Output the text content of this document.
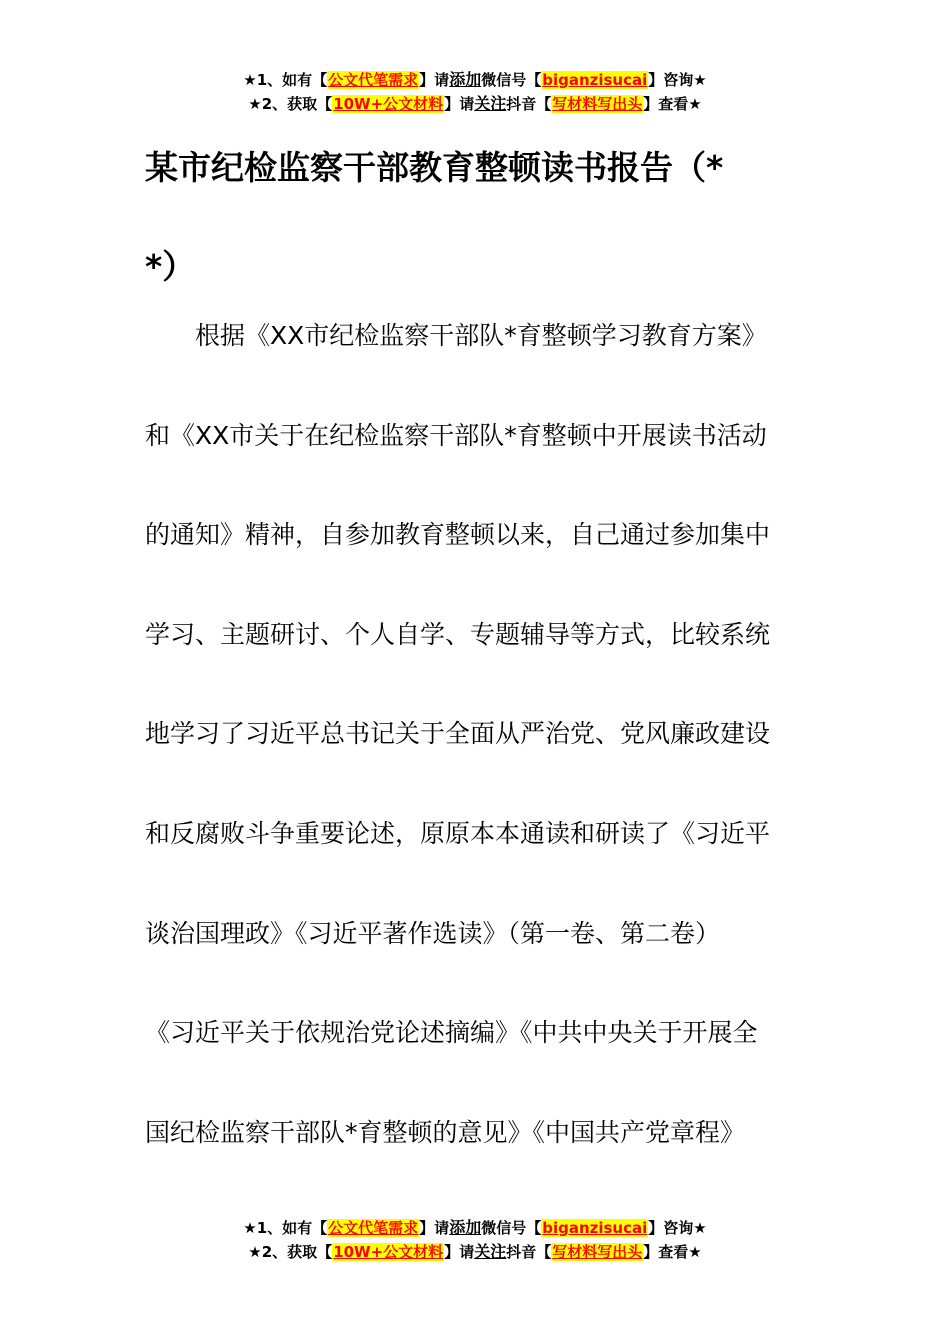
★1、如有【公文代笔需求】请添加微信号【biganzisucai】咨询★
★2、获取【10W+公文材料】请关注抖音【写材料写出头】查看★
某市纪检监察干部教育整顿读书报告（*
*）
根据《XX市纪检监察干部队*育整顿学习教育方案》
和《XX市关于在纪检监察干部队*育整顿中开展读书活动
的通知》精神，自参加教育整顿以来，自己通过参加集中
学习、主题研讨、个人自学、专题辅导等方式，比较系统
地学习了习近平总书记关于全面从严治党、党风廉政建设
和反腐败斗争重要论述，原原本本通读和研读了《习近平
谈治国理政》《习近平著作选读》（第一卷、第二卷）
《习近平关于依规治党论述摘编》《中共中央关于开展全
国纪检监察干部队*育整顿的意见》《中国共产党章程》
★1、如有【公文代笔需求】请添加微信号【biganzisucai】咨询★
★2、获取【10W+公文材料】请关注抖音【写材料写出头】查看★
